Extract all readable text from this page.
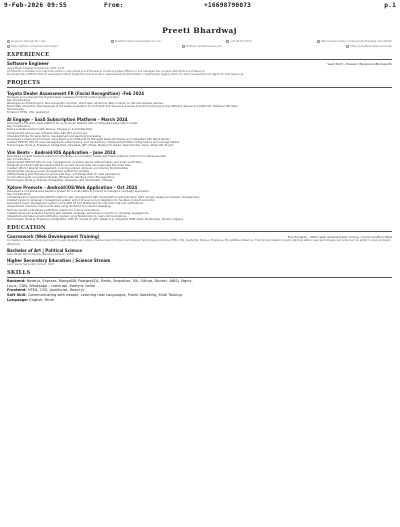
9-Feb-2026 09:55	From:	+16698790073	p.1
Preeti Bhardwaj
Jangipura, Barnala Pb, India	Preetibhardwaj.business@gmail.com	+91 9876 XXXXX	https://www.linkedin.com/in/preeti-bhardwaj-7a2c4b2a9/
https://github.com/preeti-bhardwaj07	Portfolio: preetibhardwaj.dev	https://preetibhardwaj.vercel.app
EXPERIENCE
Software Engineer	Sept 2023 – Present, Bengaluru/Barnala.Pb
AppyHigh Digital Solutions, PPT, LTD.

Architected a scalable micro-services solution, using Node.js and Express.js, boosting system efficiency and managed 10+ projects with Node.js and React.js.

Developed 40+ RESTful APIs for seamless frontend integration and ensured a responsive Rest Optimization. Implemented logging, Retry for data management and Nginx for load balancing.

PROJECTS
Toyota Dealer Assessment FR (Facial Recognition) –Feb 2024
Managed and enhanced the Toyota Dealer Assessment FR (Facial Recognition) project.
Key Contributions
Revamped and fixed bugs in face recognition function, which was not storing data correctly on iOS and wireless devices.
Board Web interaction was displayed in the Dealer evaluation for both web and devices & ensured smooth functioning across different devices and platforms. Backend: Windows
Technologies:
Frontend: HTML, CSS, JavaScript
AI Engage – SaaS Subscription Platform – March 2024
Developed a full-stack SaaS platform for an AI-driven website with an integrated subscription model.
Key Contributions
Built a scalable backend with Node.js, Express.js, and PostgreSQL.
Implemented secure user authentication with JWT and bcrypt.
Integrated Stripe for subscription management and payment processing.
Developed a responsive frontend using React.js and Material UI, Managed state with Redux and integrated with React Router.
Created RESTful APIs for user management, subscriptions, and transactions. Implemented CORS configurations and manage CRUDs.
Technologies: Node.js, Express.js, PostgreSQL, Sequelize, JWT, Stripe, Material UI, Redux, React Router, Axios, Stripe API, Bcrypt.
Vim Beats – Android/iOS Application – June 2024
Developed a robust backend system for Vim Beats, an innovative mobile app that transforms rhythm from influences with.
Key Contributions
Implemented RESTful APIs for user management, including secure authentication and email verification.
Designed and built multi-processing APIs to convert various data into supported file music files.
Created APIs for playlist management, including upload, retrieval, and sharing functionalities.
Implemented pay-as-you-use management system for updates.
Utilized Node.js with Express for server-side logic, and PostgreSQL for data persistence.
Incorporated audio processing libraries (ffmpeg) for handling music file operations.
Technologies: Node.js, Express, PostgreSQL, Sequelize, JWT, Nodemailer, Ffmpeg.
Xplore Promote – Android/iOS/Web Application – Oct 2024
Developed a comprehensive backend system for a multi-platform product to manage a campaign application.
Key Contributions
Architected and implemented RESTful APIs for user management with multi-platform authentication (JWT, Google, Apple) and session management.
Created dynamic campaign management system with drill-level social integration for Sandbox content promotion.
Developed event management system using AWS S3 and WebSocket for real-time chat and notifications.
Implemented real-time chat functionality using Socket.IO for instant messaging.
Built secure QR code-based verification system for in-store promotions.
Created advanced analytics tracking with detailed campaign performance reports on campaign engagement.
Integrated automated email notification system using Nodemailer for user communications.
Technologies: Node.js, Express.js, PostgreSQL, AWS S3, Socket.IO, JWT, Passport.js, Sequelize ORM, Redis, Nodemailer, Winston logging.
EDUCATION
Coursework (Web Development Training)	Functionality - 2023 (web development, coding, communication Skill)

Completed a hands-on training program in web development, where I learned about frontend and backend technologies including HTML, CSS, JavaScript, Node.js, Express.js, MongoDB and React.js. This training helped me build practical skills in web technologies and enhanced my ability to solve problems effectively.

Bachelor of Art | Political Science

Guru Nanak Dev University (Barnala Campus) · 2018

Higher Secondary Education | Science Stream

Govt. Senior Secondary School · 2015

SKILLS
Backend: Node.js, Express, MongoDB, PostgreSQL, Redis, Sequelize, Git, Github, Docker, AWS), Nginx,
Linux, CDN, Whatsapp – meta api, Kaleyra, twilio
Frontend: HTML, CSS, JavaScript, React.js
Soft Skill: Communicating with people, Learning new Languages, Public Speaking, Multi Tasking
Language: English, Hindi
